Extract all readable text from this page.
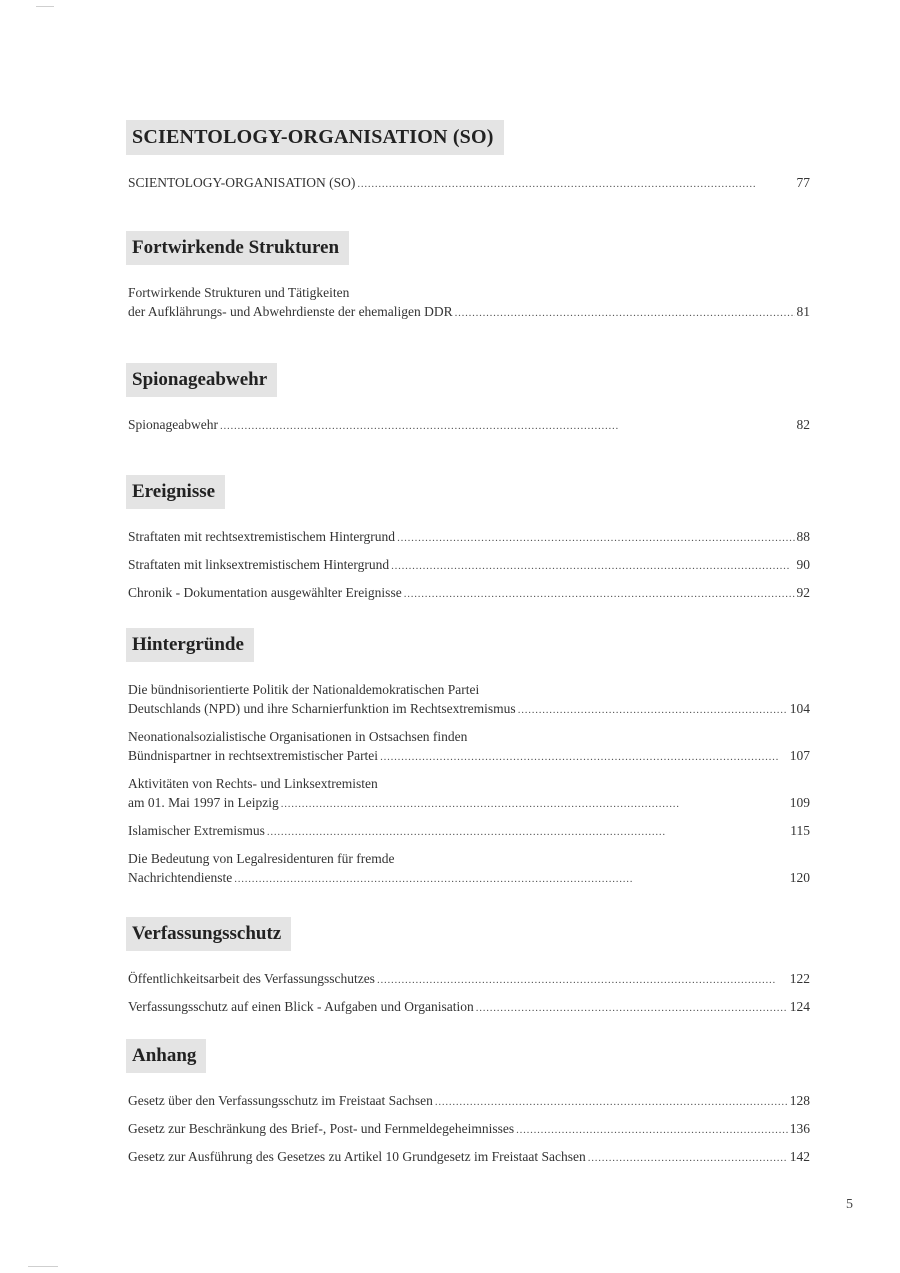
SCIENTOLOGY-ORGANISATION (SO)
SCIENTOLOGY-ORGANISATION (SO) . . .	77
Fortwirkende Strukturen
Fortwirkende Strukturen und Tätigkeiten
der Aufklährungs- und Abwehrdienste der ehemaligen DDR . . .	81
Spionageabwehr
Spionageabwehr . . .	82
Ereignisse
Straftaten mit rechtsextremistischem Hintergrund . . .	88
Straftaten mit linksextremistischem Hintergrund . . .	90
Chronik - Dokumentation ausgewählter Ereignisse . . .	92
Hintergründe
Die bündnisorientierte Politik der Nationaldemokratischen Partei
Deutschlands (NPD) und ihre Scharnierfunktion im Rechtsextremismus . . .	104
Neonationalsozialistische Organisationen in Ostsachsen finden
Bündnispartner in rechtsextremistischer Partei . . .	107
Aktivitäten von Rechts- und Linksextremisten
am 01. Mai 1997 in Leipzig . . .	109
Islamischer Extremismus . . .	115
Die Bedeutung von Legalresidenturen für fremde
Nachrichtendienste . . .	120
Verfassungsschutz
Öffentlichkeitsarbeit des Verfassungsschutzes . . .	122
Verfassungsschutz auf einen Blick - Aufgaben und Organisation . . .	124
Anhang
Gesetz über den Verfassungsschutz im Freistaat Sachsen . . .	128
Gesetz zur Beschränkung des Brief-, Post- und Fernmeldegeheimnisses . . .	136
Gesetz zur Ausführung des Gesetzes zu Artikel 10 Grundgesetz im Freistaat Sachsen . . .	142
5
